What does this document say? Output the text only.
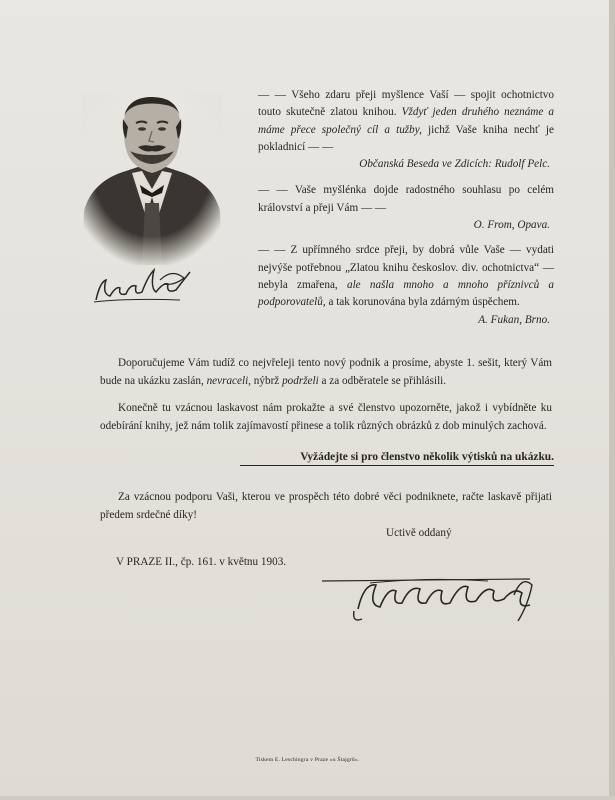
— — Všeho zdaru přeji myšlence Vaší — spojit ochotnictvo touto skutečně zlatou knihou. Vždyť jeden druhého neznáme a máme přece společný cíl a tužby, jichž Vaše kniha nechť je pokladnicí — —

Občanská Beseda ve Zdicích: Rudolf Pelc.

— — Vaše myšlénka dojde radostného souhlasu po celém království a přeji Vám — —

O. From, Opava.

— — Z upřímného srdce přeji, by dobrá vůle Vaše — vydati nejvýše potřebnou „Zlatou knihu českoslov. div. ochotnictva“ — nebyla zmařena, ale našla mnoho a mnoho příznivců a podporovatelů, a tak korunována byla zdárným úspěchem.

A. Fukan, Brno.

Doporučujeme Vám tudíž co nejvřeleji tento nový podnik a prosíme, abyste 1. sešit, který Vám bude na ukázku zaslán, nevraceli, nýbrž podrželi a za odběratele se přihlásili.

Konečně tu vzácnou laskavost nám prokažte a své členstvo upozorněte, jakož i vybídněte ku odebírání knihy, jež nám tolik zajímavostí přinese a tolik různých obrázků z dob minulých zachová.

Vyžádejte si pro členstvo několik výtisků na ukázku.

Za vzácnou podporu Vaši, kterou ve prospěch této dobré věci podniknete, račte laskavě přijati předem srdečné díky!

Uctivě oddaný
V PRAZE II., čp. 161. v květnu 1903.
Tiskem E. Leschingra v Praze »u Štajgrů«.
